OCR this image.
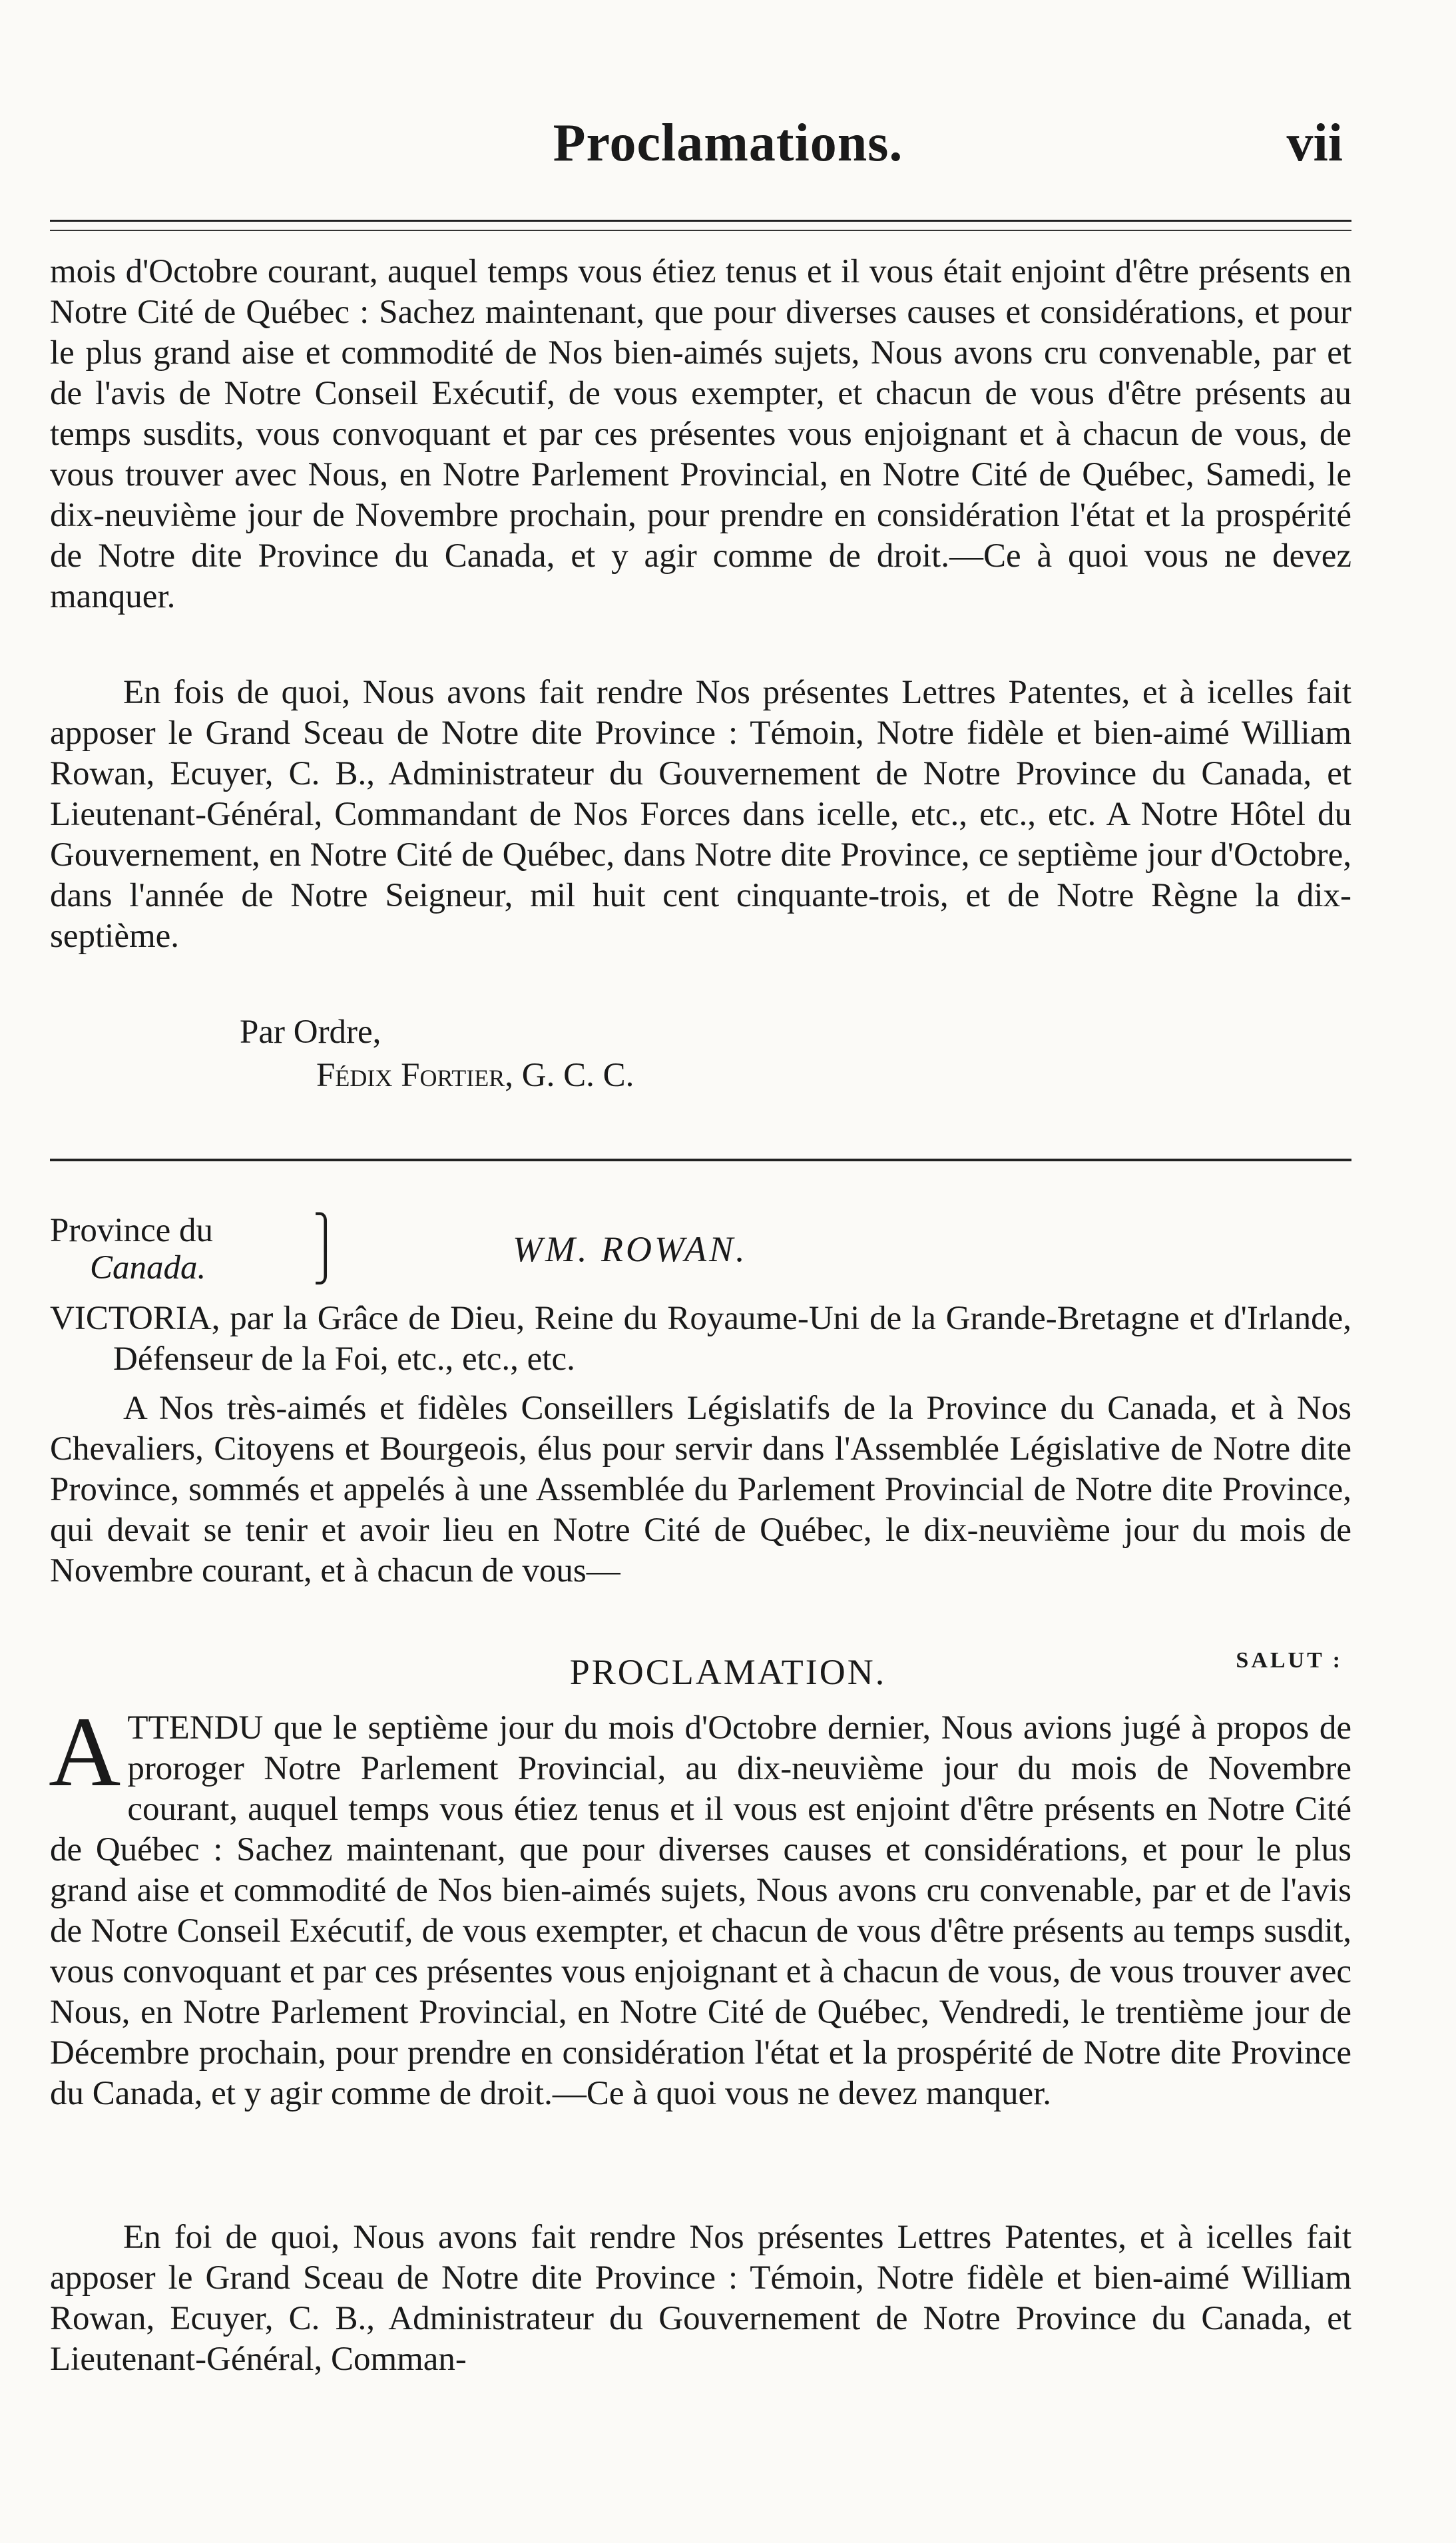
Proclamations.	vii

mois d'Octobre courant, auquel temps vous étiez tenus et il vous était enjoint d'être présents en Notre Cité de Québec : Sachez maintenant, que pour diverses causes et considérations, et pour le plus grand aise et commodité de Nos bien-aimés sujets, Nous avons cru convenable, par et de l'avis de Notre Conseil Exécutif, de vous exempter, et chacun de vous d'être présents au temps susdits, vous convoquant et par ces présentes vous enjoignant et à chacun de vous, de vous trouver avec Nous, en Notre Parlement Provincial, en Notre Cité de Québec, Samedi, le dix-neuvième jour de Novembre prochain, pour prendre en considération l'état et la prospérité de Notre dite Province du Canada, et y agir comme de droit.—Ce à quoi vous ne devez manquer.

En fois de quoi, Nous avons fait rendre Nos présentes Lettres Patentes, et à icelles fait apposer le Grand Sceau de Notre dite Province : Témoin, Notre fidèle et bien-aimé William Rowan, Ecuyer, C. B., Administrateur du Gouvernement de Notre Province du Canada, et Lieutenant-Général, Commandant de Nos Forces dans icelle, etc., etc., etc. A Notre Hôtel du Gouvernement, en Notre Cité de Québec, dans Notre dite Province, ce septième jour d'Octobre, dans l'année de Notre Seigneur, mil huit cent cinquante-trois, et de Notre Règne la dix-septième.

Par Ordre,
Fédix Fortier, G. C. C.
Province du
Canada.
⎫
⎭	WM. ROWAN.

VICTORIA, par la Grâce de Dieu, Reine du Royaume-Uni de la Grande-Bretagne et d'Irlande, Défenseur de la Foi, etc., etc., etc.

A Nos très-aimés et fidèles Conseillers Législatifs de la Province du Canada, et à Nos Chevaliers, Citoyens et Bourgeois, élus pour servir dans l'Assemblée Législative de Notre dite Province, sommés et appelés à une Assemblée du Parlement Provincial de Notre dite Province, qui devait se tenir et avoir lieu en Notre Cité de Québec, le dix-neuvième jour du mois de Novembre courant, et à chacun de vous—

SALUT :
PROCLAMATION.

ATTENDU que le septième jour du mois d'Octobre dernier, Nous avions jugé à propos de proroger Notre Parlement Provincial, au dix-neuvième jour du mois de Novembre courant, auquel temps vous étiez tenus et il vous est enjoint d'être présents en Notre Cité de Québec : Sachez maintenant, que pour diverses causes et considérations, et pour le plus grand aise et commodité de Nos bien-aimés sujets, Nous avons cru convenable, par et de l'avis de Notre Conseil Exécutif, de vous exempter, et chacun de vous d'être présents au temps susdit, vous convoquant et par ces présentes vous enjoignant et à chacun de vous, de vous trouver avec Nous, en Notre Parlement Provincial, en Notre Cité de Québec, Vendredi, le trentième jour de Décembre prochain, pour prendre en considération l'état et la prospérité de Notre dite Province du Canada, et y agir comme de droit.—Ce à quoi vous ne devez manquer.

En foi de quoi, Nous avons fait rendre Nos présentes Lettres Patentes, et à icelles fait apposer le Grand Sceau de Notre dite Province : Témoin, Notre fidèle et bien-aimé William Rowan, Ecuyer, C. B., Administrateur du Gouvernement de Notre Province du Canada, et Lieutenant-Général, Comman-
